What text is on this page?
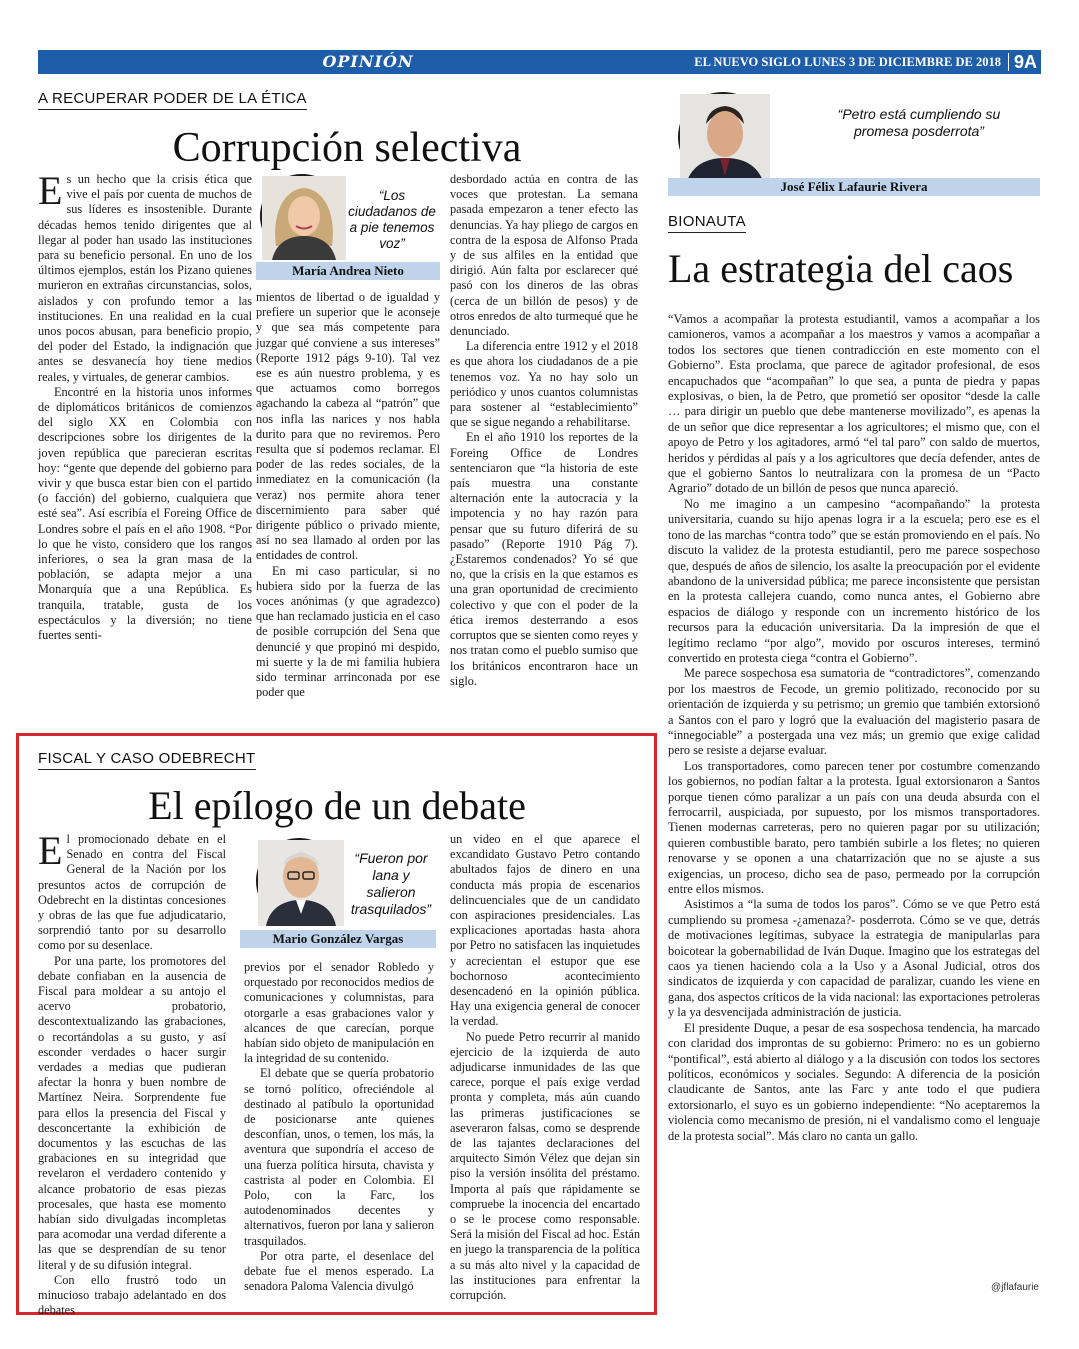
OPINIÓN	EL NUEVO SIGLO LUNES 3 DE DICIEMBRE DE 2018 9A
A RECUPERAR PODER DE LA ÉTICA
Corrupción selectiva

Es un hecho que la crisis ética que vive el país por cuenta de muchos de sus líderes es insostenible. Durante décadas hemos tenido dirigentes que al llegar al poder han usado las instituciones para su beneficio personal. En uno de los últimos ejemplos, están los Pizano quienes murieron en extrañas circunstancias, solos, aislados y con profundo temor a las instituciones. En una realidad en la cual unos pocos abusan, para beneficio propio, del poder del Estado, la indignación que antes se desvanecía hoy tiene medios reales, y virtuales, de generar cambios.

Encontré en la historia unos informes de diplomáticos británicos de comienzos del siglo XX en Colombia con descripciones sobre los dirigentes de la joven república que parecieran escritas hoy: “gente que depende del gobierno para vivir y que busca estar bien con el partido (o facción) del gobierno, cualquiera que esté sea”. Así escribía el Foreing Office de Londres sobre el país en el año 1908. “Por lo que he visto, considero que los rangos inferiores, o sea la gran masa de la población, se adapta mejor a una Monarquía que a una República. Es tranquila, tratable, gusta de los espectáculos y la diversión; no tiene fuertes senti-

“Los ciudadanos de a pie tenemos voz”
María Andrea Nieto

mientos de libertad o de igualdad y prefiere un superior que le aconseje y que sea más competente para juzgar qué conviene a sus intereses” (Reporte 1912 págs 9-10). Tal vez ese es aún nuestro problema, y es que actuamos como borregos agachando la cabeza al “patrón” que nos infla las narices y nos habla durito para que no reviremos. Pero resulta que sí podemos reclamar. El poder de las redes sociales, de la inmediatez en la comunicación (la veraz) nos permite ahora tener discernimiento para saber qué dirigente público o privado miente, así no sea llamado al orden por las entidades de control.

En mi caso particular, si no hubiera sido por la fuerza de las voces anónimas (y que agradezco) que han reclamado justicia en el caso de posible corrupción del Sena que denuncié y que propinó mi despido, mi suerte y la de mi familia hubiera sido terminar arrinconada por ese poder que

desbordado actúa en contra de las voces que protestan. La semana pasada empezaron a tener efecto las denuncias. Ya hay pliego de cargos en contra de la esposa de Alfonso Prada y de sus alfiles en la entidad que dirigió. Aún falta por esclarecer qué pasó con los dineros de las obras (cerca de un billón de pesos) y de otros enredos de alto turmequé que he denunciado.

La diferencia entre 1912 y el 2018 es que ahora los ciudadanos de a pie tenemos voz. Ya no hay solo un periódico y unos cuantos columnistas para sostener al “establecimiento” que se sigue negando a rehabilitarse.

En el año 1910 los reportes de la Foreing Office de Londres sentenciaron que “la historia de este país muestra una constante alternación ente la autocracia y la impotencia y no hay razón para pensar que su futuro diferirá de su pasado” (Reporte 1910 Pág 7). ¿Estaremos condenados? Yo sé que no, que la crisis en la que estamos es una gran oportunidad de crecimiento colectivo y que con el poder de la ética iremos desterrando a esos corruptos que se sienten como reyes y nos tratan como el pueblo sumiso que los británicos encontraron hace un siglo.

FISCAL Y CASO ODEBRECHT
El epílogo de un debate

El promocionado debate en el Senado en contra del Fiscal General de la Nación por los presuntos actos de corrupción de Odebrecht en la distintas concesiones y obras de las que fue adjudicatario, sorprendió tanto por su desarrollo como por su desenlace.

Por una parte, los promotores del debate confiaban en la ausencia de Fiscal para moldear a su antojo el acervo probatorio, descontextualizando las grabaciones, o recortándolas a su gusto, y así esconder verdades o hacer surgir verdades a medias que pudieran afectar la honra y buen nombre de Martínez Neira. Sorprendente fue para ellos la presencia del Fiscal y desconcertante la exhibición de documentos y las escuchas de las grabaciones en su integridad que revelaron el verdadero contenido y alcance probatorio de esas piezas procesales, que hasta ese momento habían sido divulgadas incompletas para acomodar una verdad diferente a las que se desprendían de su tenor literal y de su difusión integral.

Con ello frustró todo un minucioso trabajo adelantado en dos debates

“Fueron por lana y salieron trasquilados”
Mario González Vargas

previos por el senador Robledo y orquestado por reconocidos medios de comunicaciones y columnistas, para otorgarle a esas grabaciones valor y alcances de que carecían, porque habían sido objeto de manipulación en la integridad de su contenido.

El debate que se quería probatorio se tornó político, ofreciéndole al destinado al patíbulo la oportunidad de posicionarse ante quienes desconfían, unos, o temen, los más, la aventura que supondría el acceso de una fuerza política hirsuta, chavista y castrista al poder en Colombia. El Polo, con la Farc, los autodenominados decentes y alternativos, fueron por lana y salieron trasquilados.

Por otra parte, el desenlace del debate fue el menos esperado. La senadora Paloma Valencia divulgó

un video en el que aparece el excandidato Gustavo Petro contando abultados fajos de dinero en una conducta más propia de escenarios delincuenciales que de un candidato con aspiraciones presidenciales. Las explicaciones aportadas hasta ahora por Petro no satisfacen las inquietudes y acrecientan el estupor que ese bochornoso acontecimiento desencadenó en la opinión pública. Hay una exigencia general de conocer la verdad.

No puede Petro recurrir al manido ejercicio de la izquierda de auto adjudicarse inmunidades de las que carece, porque el país exige verdad pronta y completa, más aún cuando las primeras justificaciones se aseveraron falsas, como se desprende de las tajantes declaraciones del arquitecto Simón Vélez que dejan sin piso la versión insólita del préstamo. Importa al país que rápidamente se compruebe la inocencia del encartado o se le procese como responsable. Será la misión del Fiscal ad hoc. Están en juego la transparencia de la política a su más alto nivel y la capacidad de las instituciones para enfrentar la corrupción.

“Petro está cumpliendo su promesa posderrota”
José Félix Lafaurie Rivera
BIONAUTA
La estrategia del caos

“Vamos a acompañar la protesta estudiantil, vamos a acompañar a los camioneros, vamos a acompañar a los maestros y vamos a acompañar a todos los sectores que tienen contradicción en este momento con el Gobierno”. Esta proclama, que parece de agitador profesional, de esos encapuchados que “acompañan” lo que sea, a punta de piedra y papas explosivas, o bien, la de Petro, que prometió ser opositor “desde la calle … para dirigir un pueblo que debe mantenerse movilizado”, es apenas la de un señor que dice representar a los agricultores; el mismo que, con el apoyo de Petro y los agitadores, armó “el tal paro” con saldo de muertos, heridos y pérdidas al país y a los agricultores que decía defender, antes de que el gobierno Santos lo neutralizara con la promesa de un “Pacto Agrario” dotado de un billón de pesos que nunca apareció.

No me imagino a un campesino “acompañando” la protesta universitaria, cuando su hijo apenas logra ir a la escuela; pero ese es el tono de las marchas “contra todo” que se están promoviendo en el país. No discuto la validez de la protesta estudiantil, pero me parece sospechoso que, después de años de silencio, los asalte la preocupación por el evidente abandono de la universidad pública; me parece inconsistente que persistan en la protesta callejera cuando, como nunca antes, el Gobierno abre espacios de diálogo y responde con un incremento histórico de los recursos para la educación universitaria. Da la impresión de que el legítimo reclamo “por algo”, movido por oscuros intereses, terminó convertido en protesta ciega “contra el Gobierno”.

Me parece sospechosa esa sumatoria de “contradictores”, comenzando por los maestros de Fecode, un gremio politizado, reconocido por su orientación de izquierda y su petrismo; un gremio que también extorsionó a Santos con el paro y logró que la evaluación del magisterio pasara de “innegociable” a postergada una vez más; un gremio que exige calidad pero se resiste a dejarse evaluar.

Los transportadores, como parecen tener por costumbre comenzando los gobiernos, no podían faltar a la protesta. Igual extorsionaron a Santos porque tienen cómo paralizar a un país con una deuda absurda con el ferrocarril, auspiciada, por supuesto, por los mismos transportadores. Tienen modernas carreteras, pero no quieren pagar por su utilización; quieren combustible barato, pero también subirle a los fletes; no quieren renovarse y se oponen a una chatarrización que no se ajuste a sus exigencias, un proceso, dicho sea de paso, permeado por la corrupción entre ellos mismos.

Asistimos a “la suma de todos los paros”. Cómo se ve que Petro está cumpliendo su promesa -¿amenaza?- posderrota. Cómo se ve que, detrás de motivaciones legítimas, subyace la estrategia de manipularlas para boicotear la gobernabilidad de Iván Duque. Imagino que los estrategas del caos ya tienen haciendo cola a la Uso y a Asonal Judicial, otros dos sindicatos de izquierda y con capacidad de paralizar, cuando les viene en gana, dos aspectos críticos de la vida nacional: las exportaciones petroleras y la ya desvencijada administración de justicia.

El presidente Duque, a pesar de esa sospechosa tendencia, ha marcado con claridad dos improntas de su gobierno: Primero: no es un gobierno “pontifical”, está abierto al diálogo y a la discusión con todos los sectores políticos, económicos y sociales. Segundo: A diferencia de la posición claudicante de Santos, ante las Farc y ante todo el que pudiera extorsionarlo, el suyo es un gobierno independiente: “No aceptaremos la violencia como mecanismo de presión, ni el vandalismo como el lenguaje de la protesta social”. Más claro no canta un gallo.

@jflafaurie
